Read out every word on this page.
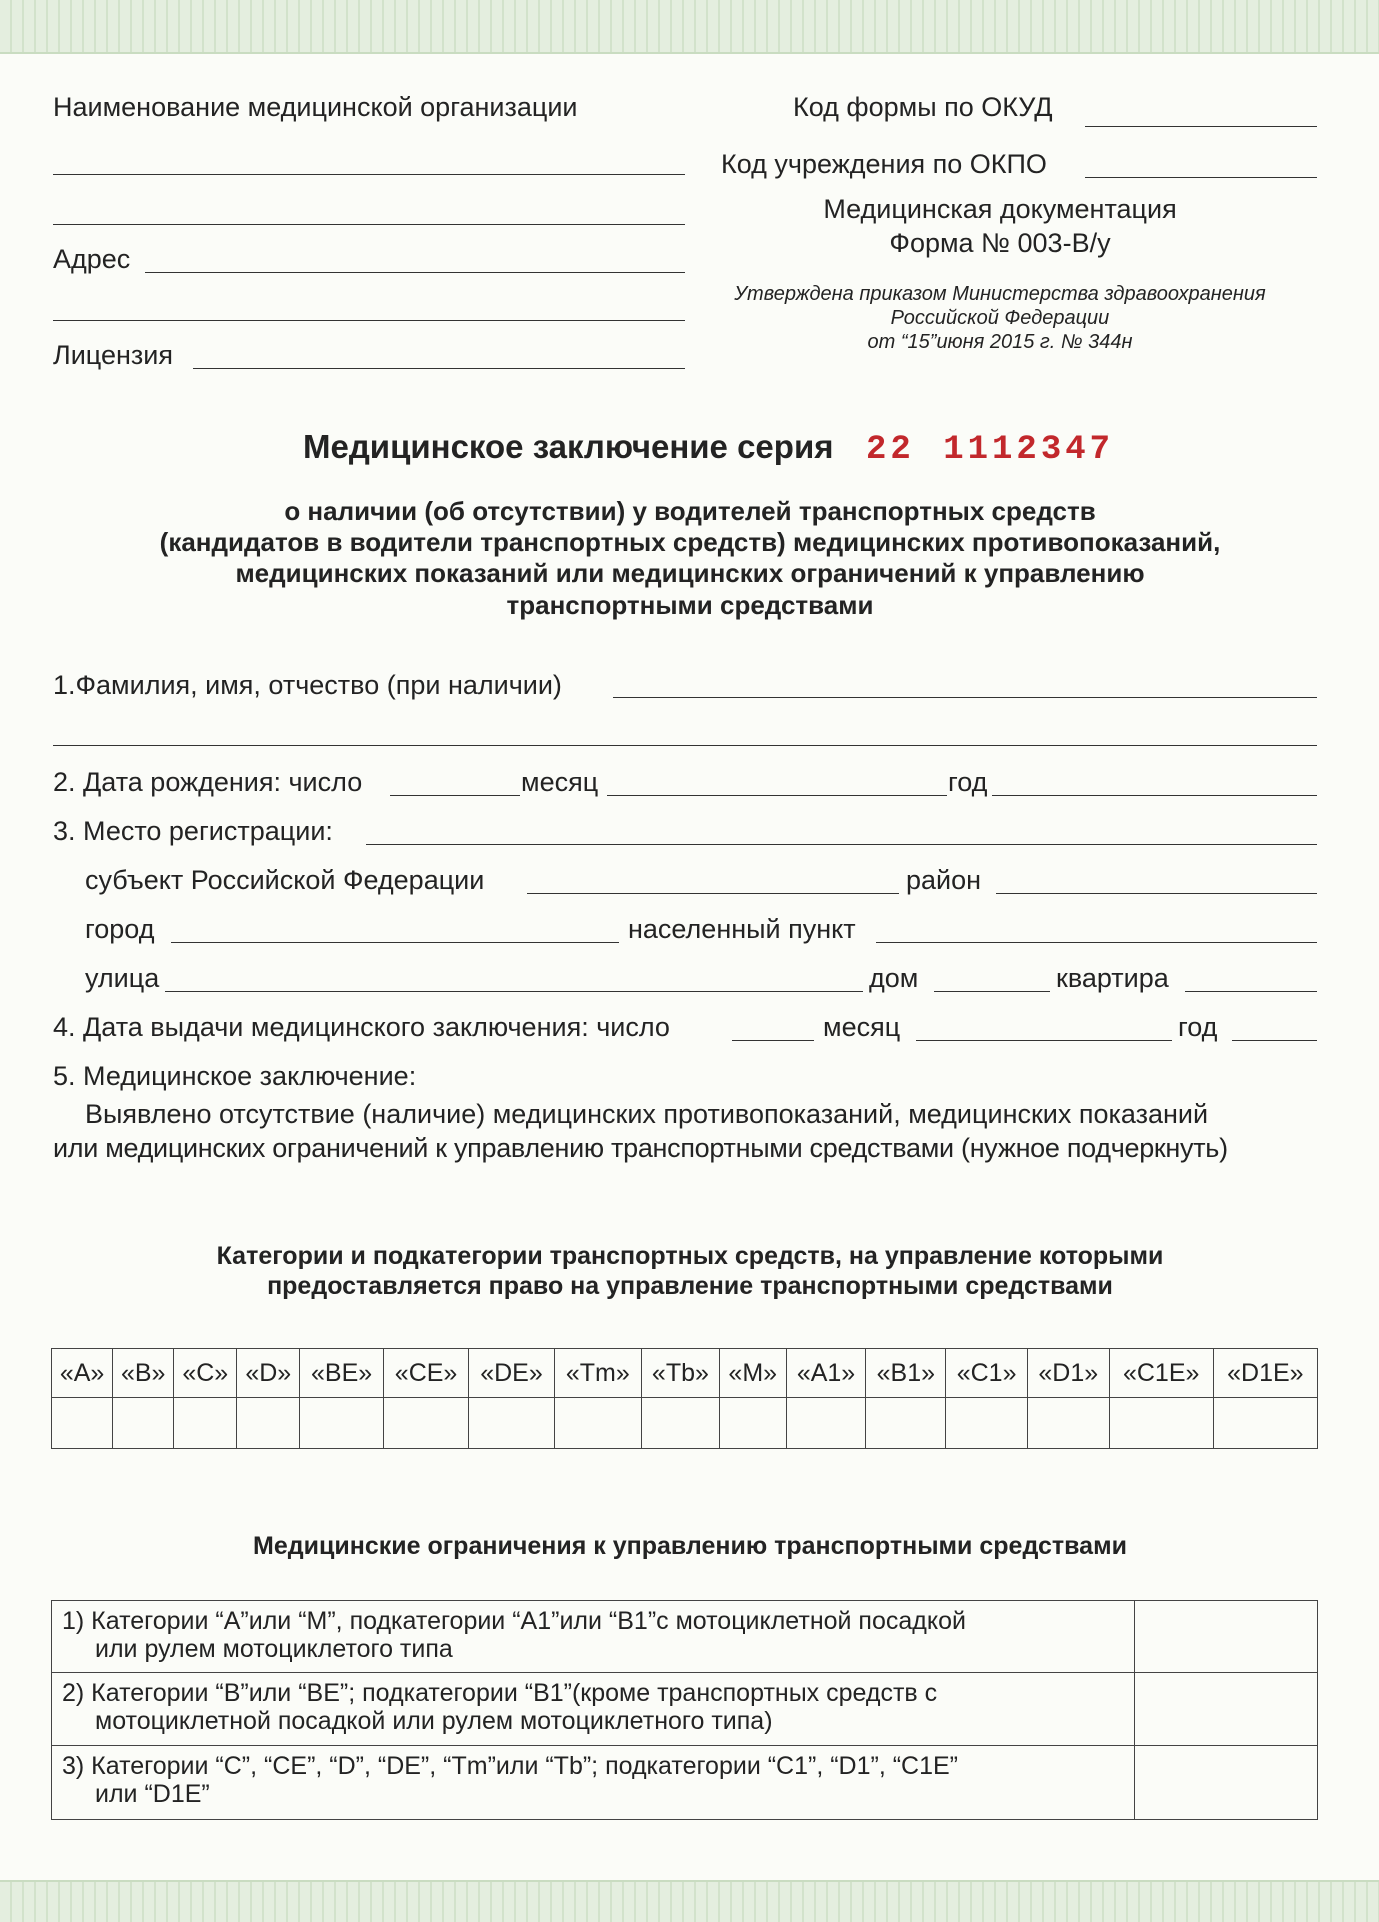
Наименование медицинской организации
Адрес
Лицензия
Код формы по ОКУД
Код учреждения по ОКПО
Медицинская документация
Форма № 003-В/у
Утверждена приказом Министерства здравоохранения
Российской Федерации
от “15”июня 2015 г. № 344н
Медицинское заключение серия 22 1112347
о наличии (об отсутствии) у водителей транспортных средств
(кандидатов в водители транспортных средств) медицинских противопоказаний,
медицинских показаний или медицинских ограничений к управлению
транспортными средствами
1.Фамилия, имя, отчество (при наличии)
2. Дата рождения: число	месяц	год
3. Место регистрации:
субъект Российской Федерации	район
город	населенный пункт
улица	дом	квартира
4. Дата выдачи медицинского заключения: число	месяц	год
5. Медицинское заключение:
Выявлено отсутствие (наличие) медицинских противопоказаний, медицинских показаний
или медицинских ограничений к управлению транспортными средствами (нужное подчеркнуть)
Категории и подкатегории транспортных средств, на управление которыми
предоставляется право на управление транспортными средствами
«A»	«B»	«C»	«D»	«BE»	«CE»	«DE»	«Tm»	«Tb»	«M»	«A1»	«B1»	«C1»	«D1»	«C1E»	«D1E»

Медицинские ограничения к управлению транспортными средствами
1) Категории “A”или “M”, подкатегории “A1”или “B1”с мотоциклетной посадкой
или рулем мотоциклетого типа	

2) Категории “B”или “BE”; подкатегории “B1”(кроме транспортных средств с
мотоциклетной посадкой или рулем мотоциклетного типа)	

3) Категории “C”, “CE”, “D”, “DE”, “Tm”или “Tb”; подкатегории “C1”, “D1”, “C1E”
или “D1E”	
